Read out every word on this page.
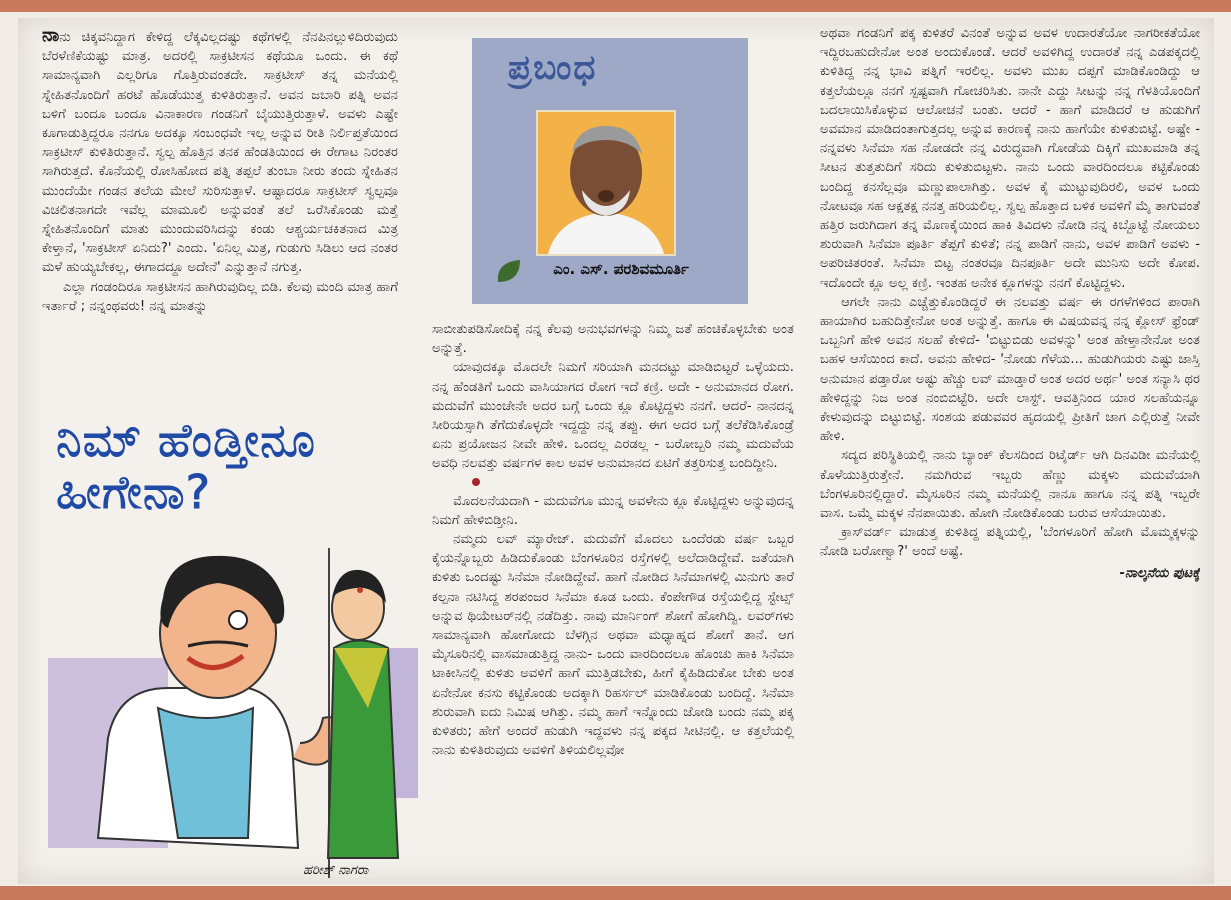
ನಾನು ಚಿಕ್ಕವನಿದ್ದಾಗ ಕೇಳಿದ್ದ ಲೆಕ್ಕವಿಲ್ಲದಷ್ಟು ಕಥೆಗಳಲ್ಲಿ ನೆನಪಿನಲ್ಲುಳಿದಿರುವುದು ಬೆರಳೆಣಿಕೆಯಷ್ಟು ಮಾತ್ರ. ಅದರಲ್ಲಿ ಸಾಕ್ರಟೀಸನ ಕಥೆಯೂ ಒಂದು. ಈ ಕಥೆ ಸಾಮಾನ್ಯವಾಗಿ ಎಲ್ಲರಿಗೂ ಗೊತ್ತಿರುವಂತದೇ. ಸಾಕ್ರಟೀಸ್ ತನ್ನ ಮನೆಯಲ್ಲಿ ಸ್ನೇಹಿತನೊಂದಿಗೆ ಹರಟೆ ಹೊಡೆಯುತ್ತ ಕುಳಿತಿರುತ್ತಾನೆ. ಅವನ ಜಬಾರಿ ಪತ್ನಿ ಅವನ ಬಳಿಗೆ ಬಂದೂ ಬಂದೂ ವಿನಾಕಾರಣ ಗಂಡನಿಗೆ ಬೈಯುತ್ತಿರುತ್ತಾಳೆ. ಅವಳು ಎಷ್ಟೇ ಕೂಗಾಡುತ್ತಿದ್ದರೂ ನನಗೂ ಅದಕ್ಕೂ ಸಂಬಂಧವೇ ಇಲ್ಲ ಅನ್ನುವ ರೀತಿ ನಿರ್ಲಿಪ್ತತೆಯಿಂದ ಸಾಕ್ರಟೀಸ್ ಕುಳಿತಿರುತ್ತಾನೆ. ಸ್ವಲ್ಪ ಹೊತ್ತಿನ ತನಕ ಹೆಂಡತಿಯಿಂದ ಈ ರೇಗಾಟ ನಿರಂತರ ಸಾಗಿರುತ್ತದೆ. ಕೊನೆಯಲ್ಲಿ ರೋಸಿಹೋದ ಪತ್ನಿ ತಪ್ಪಲೆ ತುಂಬಾ ನೀರು ತಂದು ಸ್ನೇಹಿತನ ಮುಂದೆಯೇ ಗಂಡನ ತಲೆಯ ಮೇಲೆ ಸುರಿಸುತ್ತಾಳೆ. ಆಷ್ಟಾದರೂ ಸಾಕ್ರಟೀಸ್ ಸ್ವಲ್ಪವೂ ವಿಚಲಿತನಾಗದೇ ಇವೆಲ್ಲ ಮಾಮೂಲಿ ಅನ್ನುವಂತೆ ತಲೆ ಒರೆಸಿಕೊಂಡು ಮತ್ತೆ ಸ್ನೇಹಿತನೊಂದಿಗೆ ಮಾತು ಮುಂದುವರಿಸಿದನ್ನು ಕಂಡು ಆಶ್ಚರ್ಯಚಕಿತನಾದ ಮಿತ್ರ ಕೇಳ್ತಾನೆ, 'ಸಾಕ್ರಟೀಸ್ ಏನಿದು?' ಎಂದು. 'ಏನಿಲ್ಲ ಮಿತ್ರ, ಗುಡುಗು ಸಿಡಿಲು ಆದ ನಂತರ ಮಳೆ ಹುಯ್ಯಬೇಕಲ್ಲ, ಈಗಾದದ್ದೂ ಅದೇನೆ' ಎನ್ನುತ್ತಾನೆ ನಗುತ್ತ.

ಎಲ್ಲಾ ಗಂಡಂದಿರೂ ಸಾಕ್ರಟೀಸನ ಹಾಗಿರುವುದಿಲ್ಲ ಬಿಡಿ. ಕೆಲವು ಮಂದಿ ಮಾತ್ರ ಹಾಗೆ ಇರ್ತಾರೆ ; ನನ್ನಂಥವರು! ನನ್ನ ಮಾತನ್ನು

ನಿಮ್ ಹೆಂಡ್ತೀನೂ
ಹೀಗೇನಾ?
ಹರೀಶ್ ನಾಗರಾ
ಪ್ರಬಂಧ
ಎಂ. ಎಸ್. ಪರಶಿವಮೂರ್ತಿ

ಸಾಬೀತುಪಡಿಸೋದಿಕ್ಕೆ ನನ್ನ ಕೆಲವು ಅನುಭವಗಳನ್ನು ನಿಮ್ಮ ಜತೆ ಹಂಚಿಕೊಳ್ಳಬೇಕು ಅಂತ ಅನ್ನುತ್ತೆ.

ಯಾವುದಕ್ಕೂ ಮೊದಲೇ ನಿಮಗೆ ಸರಿಯಾಗಿ ಮನದಟ್ಟು ಮಾಡಿಬಿಟ್ಟರೆ ಒಳ್ಳೆಯದು. ನನ್ನ ಹೆಂಡತಿಗೆ ಒಂದು ವಾಸಿಯಾಗದ ರೋಗ ಇದೆ ಕಣ್ರಿ. ಅದೇ - ಅನುಮಾನದ ರೋಗ. ಮದುವೆಗೆ ಮುಂಚೇನೇ ಅದರ ಬಗ್ಗೆ ಒಂದು ಕ್ಲೂ ಕೊಟ್ಟಿದ್ದಳು ನನಗೆ. ಆದರೆ- ನಾನದನ್ನ ಸೀರಿಯಸ್ಸಾಗಿ ತೆಗೆದುಕೊಳ್ಳದೇ ಇದ್ದದ್ದು ನನ್ನ ತಪ್ಪು. ಈಗ ಅದರ ಬಗ್ಗೆ ತಲೆಕೆಡಿಸಿಕೊಂಡ್ರೆ ಏನು ಪ್ರಯೋಜನ ನೀವೇ ಹೇಳಿ. ಒಂದಲ್ಲ ಎರಡಲ್ಲ - ಬರೋಬ್ಬರಿ ನಮ್ಮ ಮದುವೆಯ ಅವಧಿ ನಲವತ್ತು ವರ್ಷಗಳ ಕಾಲ ಅವಳ ಅನುಮಾನದ ಏಟಿಗೆ ತತ್ತರಿಸುತ್ತ ಬಂದಿದ್ದೀನಿ.

ಮೊದಲನೆಯದಾಗಿ - ಮದುವೆಗೂ ಮುನ್ನ ಅವಳೇನು ಕ್ಲೂ ಕೊಟ್ಟಿದ್ದಳು ಅನ್ನುವುದನ್ನ ನಿಮಗೆ ಹೇಳಿಬಿಡ್ತೀನಿ.

ನಮ್ಮದು ಲವ್ ಮ್ಯಾರೇಜ್. ಮದುವೆಗೆ ಮೊದಲು ಒಂದೆರಡು ವರ್ಷ ಒಬ್ಬರ ಕೈಯನ್ನೊಬ್ಬರು ಹಿಡಿದುಕೊಂಡು ಬೆಂಗಳೂರಿನ ರಸ್ತೆಗಳಲ್ಲಿ ಅಲೆದಾಡಿದ್ದೇವೆ. ಜತೆಯಾಗಿ ಕುಳಿತು ಒಂದಷ್ಟು ಸಿನೆಮಾ ನೋಡಿದ್ದೇವೆ. ಹಾಗೆ ನೋಡಿದ ಸಿನೆಮಾಗಳಲ್ಲಿ ಮಿನುಗು ತಾರೆ ಕಲ್ಪನಾ ನಟಿಸಿದ್ದ ಶರಪಂಜರ ಸಿನೆಮಾ ಕೂಡ ಒಂದು. ಕೆಂಪೇಗೌಡ ರಸ್ತೆಯಲ್ಲಿದ್ದ ಸ್ಟೇಟ್ಸ್ ಅನ್ನುವ ಥಿಯೇಟರ್‌ನಲ್ಲಿ ನಡೆದಿತ್ತು. ನಾವು ಮಾರ್ನಿಂಗ್ ಶೋಗೆ ಹೋಗಿದ್ವಿ. ಲವರ್‌ಗಳು ಸಾಮಾನ್ಯವಾಗಿ ಹೋಗೋದು ಬೆಳಗ್ಗಿನ ಅಥವಾ ಮಧ್ಯಾಹ್ನದ ಶೋಗೆ ತಾನೆ. ಆಗ ಮೈಸೂರಿನಲ್ಲಿ ವಾಸಮಾಡುತ್ತಿದ್ದ ನಾನು- ಒಂದು ವಾರದಿಂದಲೂ ಹೊಂಚು ಹಾಕಿ ಸಿನೆಮಾ ಟಾಕೀಸಿನಲ್ಲಿ ಕುಳಿತು ಅವಳಿಗೆ ಹಾಗೆ ಮುತ್ತಿಡಬೇಕು, ಹೀಗೆ ಕೈಹಿಡಿದುಕೋ ಬೇಕು ಅಂತ ಏನೇನೋ ಕನಸು ಕಟ್ಟಿಕೊಂಡು ಅದಕ್ಕಾಗಿ ರಿಹರ್ಸಲ್ ಮಾಡಿಕೊಂಡು ಬಂದಿದ್ದೆ. ಸಿನೆಮಾ ಶುರುವಾಗಿ ಐದು ನಿಮಿಷ ಆಗಿತ್ತು. ನಮ್ಮ ಹಾಗೆ ಇನ್ನೊಂದು ಜೋಡಿ ಬಂದು ನಮ್ಮ ಪಕ್ಕ ಕುಳಿತರು; ಹೇಗೆ ಅಂದರೆ ಹುಡುಗಿ ಇದ್ದವಳು ನನ್ನ ಪಕ್ಕದ ಸೀಟಿನಲ್ಲಿ. ಆ ಕತ್ತಲೆಯಲ್ಲಿ ನಾನು ಕುಳಿತಿರುವುದು ಅವಳಿಗೆ ತಿಳಿಯಲಿಲ್ಲವೋ

ಅಥವಾ ಗಂಡನಿಗೆ ಪಕ್ಕ ಕುಳಿತರೆ ವಿನಂತೆ ಅನ್ನುವ ಅವಳ ಉದಾರತೆಯೋ ನಾಗರೀಕತೆಯೋ ಇದ್ದಿರಬಹುದೇನೋ ಅಂತ ಅಂದುಕೊಂಡೆ. ಆದರೆ ಅವಳಿಗಿದ್ದ ಉದಾರತೆ ನನ್ನ ಎಡಪಕ್ಕದಲ್ಲಿ ಕುಳಿತಿದ್ದ ನನ್ನ ಭಾವಿ ಪತ್ನಿಗೆ ಇರಲಿಲ್ಲ. ಅವಳು ಮುಖ ದಪ್ಪಗೆ ಮಾಡಿಕೊಂಡಿದ್ದು ಆ ಕತ್ತಲೆಯಲ್ಲೂ ನನಗೆ ಸ್ಪಷ್ಟವಾಗಿ ಗೋಚರಿಸಿತು. ನಾನೇ ಎದ್ದು ಸೀಟನ್ನು ನನ್ನ ಗೆಳತಿಯೊಂದಿಗೆ ಬದಲಾಯಿಸಿಕೊಳ್ಳುವ ಆಲೋಚನೆ ಬಂತು. ಆದರೆ - ಹಾಗೆ ಮಾಡಿದರೆ ಆ ಹುಡುಗಿಗೆ ಅವಮಾನ ಮಾಡಿದಂತಾಗುತ್ತದಲ್ಲ ಅನ್ನುವ ಕಾರಣಕ್ಕೆ ನಾನು ಹಾಗೆಯೇ ಕುಳಿತುಬಿಟ್ಟೆ. ಅಷ್ಟೇ - ನನ್ನವಳು ಸಿನೆಮಾ ಸಹ ನೋಡದೇ ನನ್ನ ವಿರುದ್ಧವಾಗಿ ಗೋಡೆಯ ದಿಕ್ಕಿಗೆ ಮುಖಮಾಡಿ ತನ್ನ ಸೀಟನ ತುತ್ತತುದಿಗೆ ಸರಿದು ಕುಳಿತುಬಿಟ್ಟಳು. ನಾನು ಒಂದು ವಾರದಿಂದಲೂ ಕಟ್ಟಿಕೊಂಡು ಬಂದಿದ್ದ ಕನಸೆಲ್ಲವೂ ಮಣ್ಣುಪಾಲಾಗಿತ್ತು. ಅವಳ ಕೈ ಮುಟ್ಟುವುದಿರಲಿ, ಅವಳ ಒಂದು ನೋಟವೂ ಸಹ ಆಕ್ಷತಕ್ಷ ನನತ್ತ ಹರಿಯಲಿಲ್ಲ. ಸ್ವಲ್ಪ ಹೊತ್ತಾದ ಬಳಿಕ ಅವಳಿಗೆ ಮೈ ತಾಗುವಂತೆ ಹತ್ತಿರ ಜರುಗಿದಾಗ ತನ್ನ ಮೊಣಕೈಯಿಂದ ಹಾಕಿ ತಿವಿದಳು ನೋಡಿ ನನ್ನ ಕಿಬ್ಬೊಟ್ಟೆ ನೋಯಲು ಶುರುವಾಗಿ ಸಿನೆಮಾ ಪೂರ್ತಿ ತೆಪ್ಪಗೆ ಕುಳಿತೆ; ನನ್ನ ಪಾಡಿಗೆ ನಾನು, ಅವಳ ಪಾಡಿಗೆ ಅವಳು - ಅಪರಿಚಿತರಂತೆ. ಸಿನೆಮಾ ಬಿಟ್ಟ ನಂತರವೂ ದಿನಪೂರ್ತಿ ಅದೇ ಮುನಿಸು ಅದೇ ಕೋಪ. ಇದೊಂದೇ ಕ್ಲೂ ಅಲ್ಲ ಕಣ್ರಿ. ಇಂತಹ ಅನೇಕ ಕ್ಲೂಗಳನ್ನು ನನಗೆ ಕೊಟ್ಟಿದ್ದಳು.

ಆಗಲೇ ನಾನು ಎಚ್ಚೆತ್ತುಕೊಂಡಿದ್ದರೆ ಈ ನಲವತ್ತು ವರ್ಷ ಈ ರಗಳೆಗಳಿಂದ ಪಾರಾಗಿ ಹಾಯಾಗಿರ ಬಹುದಿತ್ತೇನೋ ಅಂತ ಅನ್ನುತ್ತೆ. ಹಾಗೂ ಈ ವಿಷಯವನ್ನ ನನ್ನ ಕ್ಲೋಸ್ ಫ್ರೆಂಡ್ ಒಬ್ಬನಿಗೆ ಹೇಳಿ ಅವನ ಸಲಹೆ ಕೇಳಿದೆ- 'ಬಿಟ್ಟುಬಿಡು ಅವಳನ್ನು' ಅಂತ ಹೇಳ್ತಾನೇನೋ ಅಂತ ಬಹಳ ಆಸೆಯಿಂದ ಕಾದೆ. ಅವನು ಹೇಳಿದ- 'ನೋಡು ಗೆಳೆಯ... ಹುಡುಗಿಯರು ಎಷ್ಟು ಜಾಸ್ತಿ ಅನುಮಾನ ಪಡ್ತಾರೋ ಅಷ್ಟು ಹೆಚ್ಚು ಲವ್ ಮಾಡ್ತಾರೆ ಅಂತ ಅದರ ಅರ್ಥ' ಅಂತ ಸನ್ಯಾಸಿ ಥರ ಹೇಳಿದ್ದನ್ನು ನಿಜ ಅಂತ ನಂಬಿಬಿಟ್ಟೆರಿ. ಅದೇ ಲಾಸ್ಟ್. ಆವತ್ತಿನಿಂದ ಯಾರ ಸಲಹೆಯನ್ನೂ ಕೇಳುವುದನ್ನು ಬಿಟ್ಟುಬಿಟ್ಟೆ. ಸಂಶಯ ಪಡುವವರ ಹೃದಯಲ್ಲಿ ಪ್ರೀತಿಗೆ ಜಾಗ ಎಲ್ಲಿರುತ್ತೆ ನೀವೇ ಹೇಳಿ.

ಸದ್ಯದ ಪರಿಸ್ಥಿತಿಯಲ್ಲಿ ನಾನು ಬ್ಯಾಂಕ್ ಕೆಲಸದಿಂದ ರಿಟೈರ್ಡ್ ಆಗಿ ದಿನವಿಡೀ ಮನೆಯಲ್ಲಿ ಕೊಳೆಯುತ್ತಿರುತ್ತೇನೆ. ನಮಗಿರುವ ಇಬ್ಬರು ಹೆಣ್ಣು ಮಕ್ಕಳು ಮದುವೆಯಾಗಿ ಬೆಂಗಳೂರಿನಲ್ಲಿದ್ದಾರೆ. ಮೈಸೂರಿನ ನಮ್ಮ ಮನೆಯಲ್ಲಿ ನಾನೂ ಹಾಗೂ ನನ್ನ ಪತ್ನಿ ಇಬ್ಬರೇ ವಾಸ. ಒಮ್ಮೆ ಮಕ್ಕಳ ನೆನಪಾಯಿತು. ಹೋಗಿ ನೋಡಿಕೊಂಡು ಬರುವ ಆಸೆಯಾಯಿತು.

ಕ್ರಾಸ್‌ವರ್ಡ್ ಮಾಡುತ್ತ ಕುಳಿತಿದ್ದ ಪತ್ನಿಯಲ್ಲಿ, 'ಬೆಂಗಳೂರಿಗೆ ಹೋಗಿ ಮೊಮ್ಮಕ್ಕಳನ್ನು ನೋಡಿ ಬರೋಣ್ವಾ?' ಅಂದೆ ಅಷ್ಟೆ.

-ನಾಲ್ಕನೆಯ ಪುಟಕ್ಕೆ
